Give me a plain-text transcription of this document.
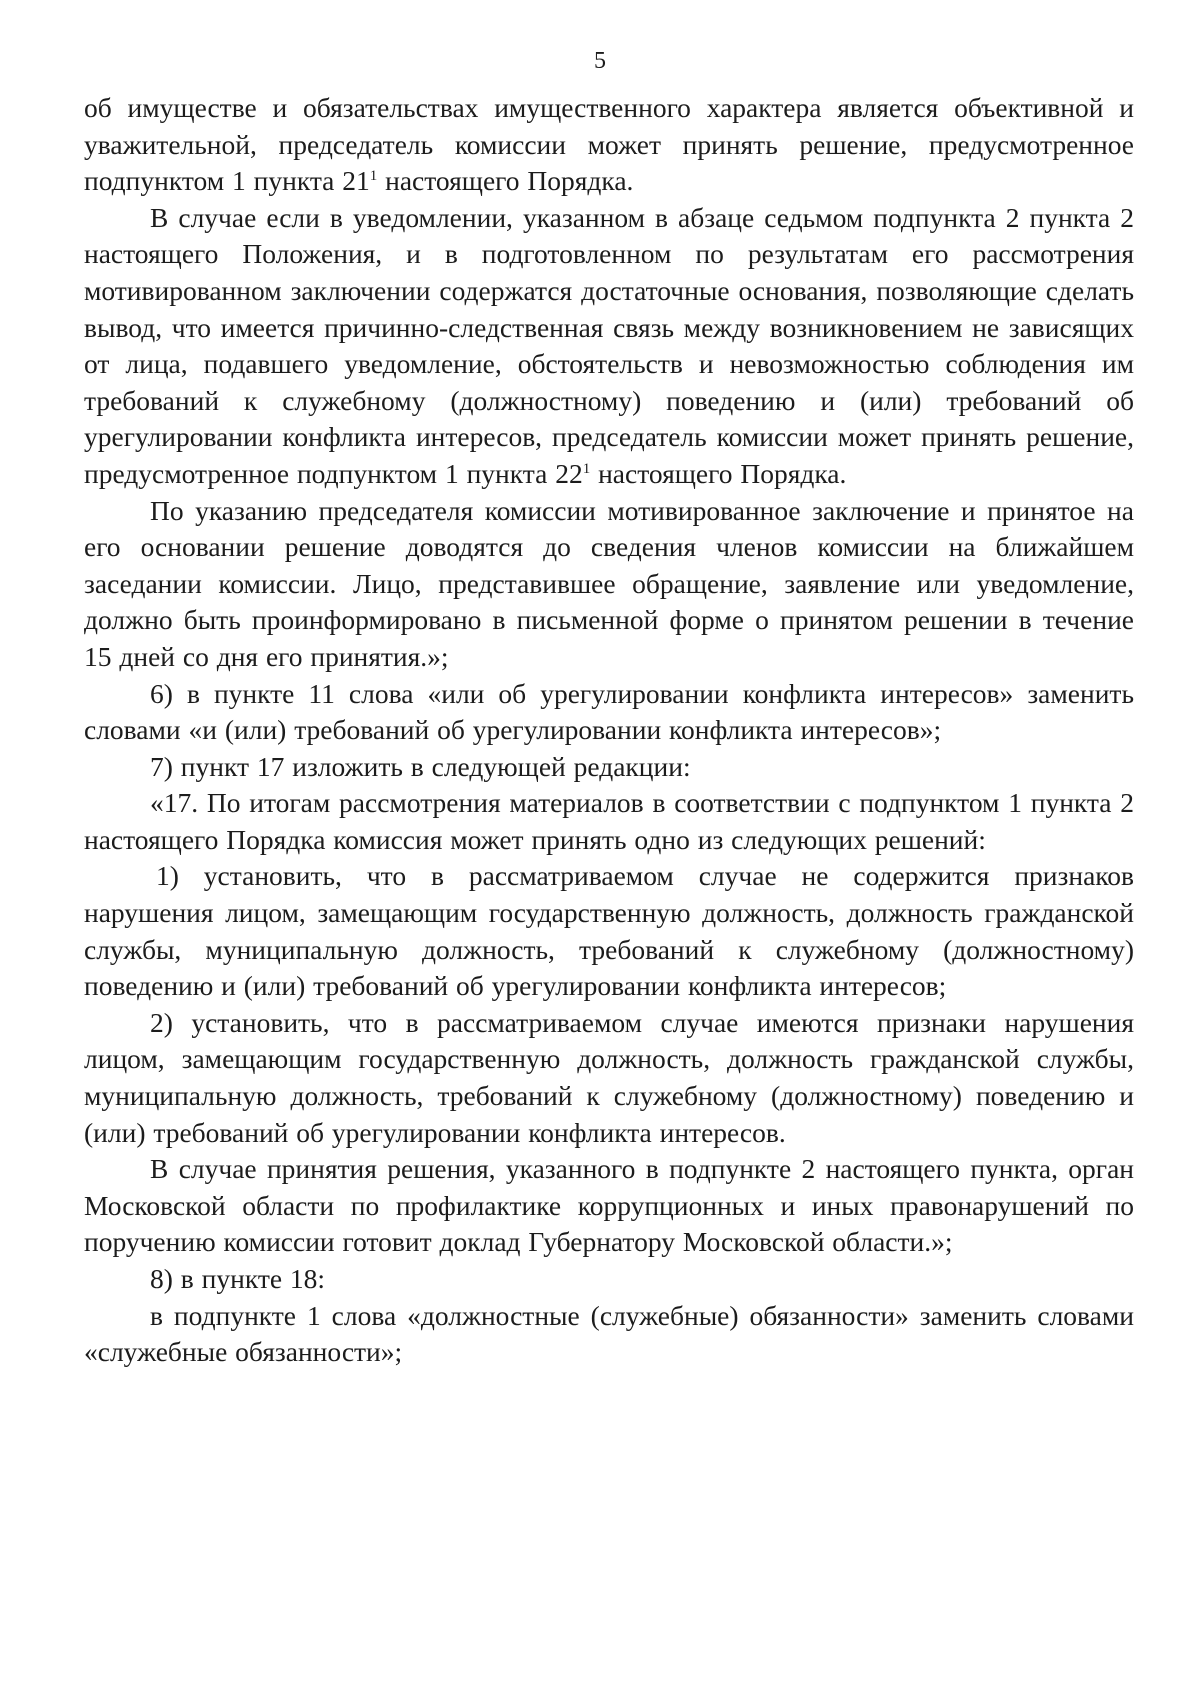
5

об имуществе и обязательствах имущественного характера является объективной и уважительной, председатель комиссии может принять решение, предусмотренное подпунктом 1 пункта $21^1$ настоящего Порядка.

В случае если в уведомлении, указанном в абзаце седьмом подпункта 2 пункта 2 настоящего Положения, и в подготовленном по результатам его рассмотрения мотивированном заключении содержатся достаточные основания, позволяющие сделать вывод, что имеется причинно-следственная связь между возникновением не зависящих от лица, подавшего уведомление, обстоятельств и невозможностью соблюдения им требований к служебному (должностному) поведению и (или) требований об урегулировании конфликта интересов, председатель комиссии может принять решение, предусмотренное подпунктом 1 пункта $22^1$ настоящего Порядка.

По указанию председателя комиссии мотивированное заключение и принятое на его основании решение доводятся до сведения членов комиссии на ближайшем заседании комиссии. Лицо, представившее обращение, заявление или уведомление, должно быть проинформировано в письменной форме о принятом решении в течение 15 дней со дня его принятия.»;

6) в пункте 11 слова «или об урегулировании конфликта интересов» заменить словами «и (или) требований об урегулировании конфликта интересов»;

7) пункт 17 изложить в следующей редакции:

«17. По итогам рассмотрения материалов в соответствии с подпунктом 1 пункта 2 настоящего Порядка комиссия может принять одно из следующих решений:

1) установить, что в рассматриваемом случае не содержится признаков нарушения лицом, замещающим государственную должность, должность гражданской службы, муниципальную должность, требований к служебному (должностному) поведению и (или) требований об урегулировании конфликта интересов;

2) установить, что в рассматриваемом случае имеются признаки нарушения лицом, замещающим государственную должность, должность гражданской службы, муниципальную должность, требований к служебному (должностному) поведению и (или) требований об урегулировании конфликта интересов.

В случае принятия решения, указанного в подпункте 2 настоящего пункта, орган Московской области по профилактике коррупционных и иных правонарушений по поручению комиссии готовит доклад Губернатору Московской области.»;

8) в пункте 18:

в подпункте 1 слова «должностные (служебные) обязанности» заменить словами «служебные обязанности»;
